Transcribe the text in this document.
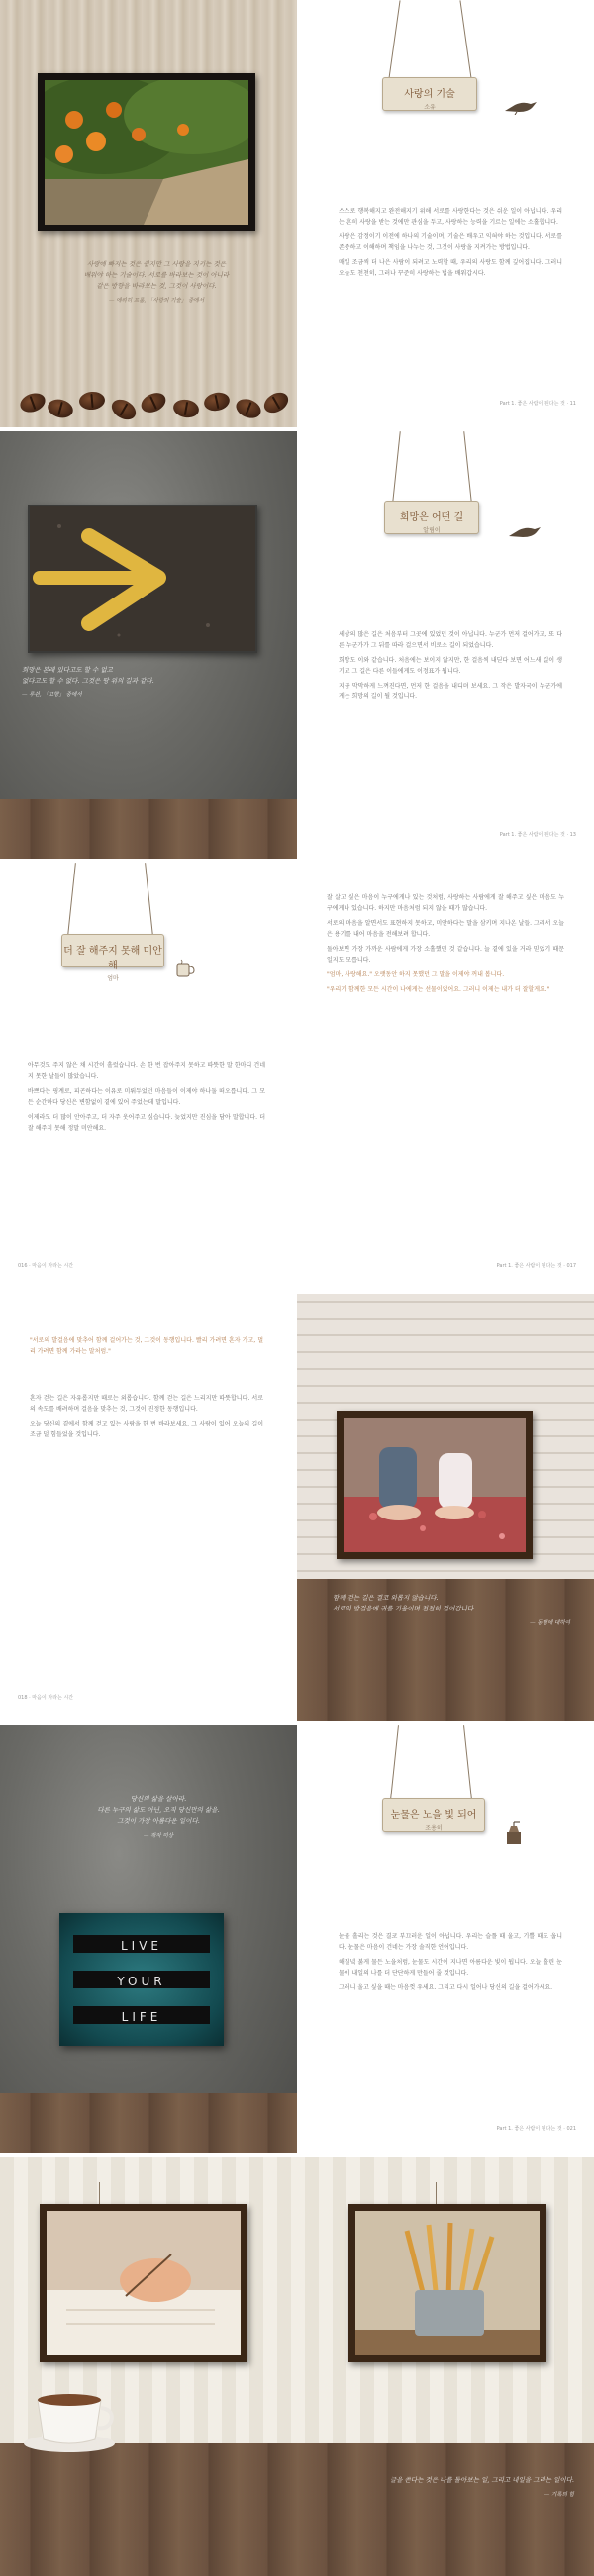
사랑에 빠지는 것은 쉽지만 그 사랑을 지키는 것은
배워야 하는 기술이다. 서로를 바라보는 것이 아니라
같은 방향을 바라보는 것, 그것이 사랑이다.
— 에리히 프롬, 「사랑의 기술」 중에서
사랑의 기술
소유

스스로 행복해지고 완전해지기 위해 서로를 사랑한다는 것은 쉬운 일이 아닙니다. 우리는 흔히 사랑을 받는 것에만 관심을 두고, 사랑하는 능력을 기르는 일에는 소홀합니다.

사랑은 감정이기 이전에 하나의 기술이며, 기술은 배우고 익혀야 하는 것입니다. 서로를 존중하고 이해하며 책임을 나누는 것, 그것이 사랑을 지켜가는 방법입니다.

매일 조금씩 더 나은 사람이 되려고 노력할 때, 우리의 사랑도 함께 깊어집니다. 그러니 오늘도 천천히, 그러나 꾸준히 사랑하는 법을 배워갑시다.

Part 1. 좋은 사람이 된다는 것 · 11
희망은 본래 있다고도 할 수 없고
없다고도 할 수 없다. 그것은 땅 위의 길과 같다.
— 루쉰, 「고향」 중에서
희망은 어떤 길
알림이

세상의 많은 길은 처음부터 그곳에 있었던 것이 아닙니다. 누군가 먼저 걸어가고, 또 다른 누군가가 그 뒤를 따라 걸으면서 비로소 길이 되었습니다.

희망도 이와 같습니다. 처음에는 보이지 않지만, 한 걸음씩 내딛다 보면 어느새 길이 생기고 그 길은 다른 이들에게도 이정표가 됩니다.

지금 막막하게 느껴진다면, 먼저 한 걸음을 내디뎌 보세요. 그 작은 발자국이 누군가에게는 희망의 길이 될 것입니다.

Part 1. 좋은 사람이 된다는 것 · 13
더 잘 해주지 못해 미안해
엄마

아무것도 주지 않은 채 시간이 흘렀습니다. 손 한 번 잡아주지 못하고 따뜻한 말 한마디 건네지 못한 날들이 많았습니다.

바쁘다는 핑계로, 피곤하다는 이유로 미뤄두었던 마음들이 이제야 하나둘 떠오릅니다. 그 모든 순간마다 당신은 변함없이 곁에 있어 주었는데 말입니다.

이제라도 더 많이 안아주고, 더 자주 웃어주고 싶습니다. 늦었지만 진심을 담아 말합니다. 더 잘 해주지 못해 정말 미안해요.

016 · 마음이 자라는 시간

잘 살고 싶은 마음이 누구에게나 있는 것처럼, 사랑하는 사람에게 잘 해주고 싶은 마음도 누구에게나 있습니다. 하지만 마음처럼 되지 않을 때가 많습니다.

서로의 마음을 알면서도 표현하지 못하고, 미안하다는 말을 삼키며 지나온 날들. 그래서 오늘은 용기를 내어 마음을 전해보려 합니다.

돌아보면 가장 가까운 사람에게 가장 소홀했던 것 같습니다. 늘 곁에 있을 거라 믿었기 때문일지도 모릅니다.

"엄마, 사랑해요." 오랫동안 하지 못했던 그 말을 이제야 꺼내 봅니다.

"우리가 함께한 모든 시간이 나에게는 선물이었어요. 그러니 이제는 내가 더 잘할게요."

Part 1. 좋은 사람이 된다는 것 · 017

"서로의 발걸음에 맞추어 함께 걸어가는 것, 그것이 동행입니다. 빨리 가려면 혼자 가고, 멀리 가려면 함께 가라는 말처럼."

혼자 걷는 길은 자유롭지만 때로는 외롭습니다. 함께 걷는 길은 느리지만 따뜻합니다. 서로의 속도를 배려하며 걸음을 맞추는 것, 그것이 진정한 동행입니다.

오늘 당신의 곁에서 함께 걷고 있는 사람을 한 번 바라보세요. 그 사람이 있어 오늘의 길이 조금 덜 힘들었을 것입니다.

018 · 마음이 자라는 시간
함께 걷는 길은 결코 외롭지 않습니다.
서로의 발걸음에 귀를 기울이며 천천히 걸어갑니다.
— 동행에 대하여
당신의 삶을 살아라.
다른 누구의 삶도 아닌, 오직 당신만의 삶을.
그것이 가장 아름다운 일이다.
— 작자 미상
LIVE
YOUR
LIFE
눈물은 노을 빛 되어
조용히

눈물 흘리는 것은 결코 부끄러운 일이 아닙니다. 우리는 슬플 때 울고, 기쁠 때도 웁니다. 눈물은 마음이 건네는 가장 솔직한 언어입니다.

해질녘 붉게 물든 노을처럼, 눈물도 시간이 지나면 아름다운 빛이 됩니다. 오늘 흘린 눈물이 내일의 나를 더 단단하게 만들어 줄 것입니다.

그러니 울고 싶을 때는 마음껏 우세요. 그리고 다시 일어나 당신의 길을 걸어가세요.

Part 1. 좋은 사람이 된다는 것 · 021
글을 쓴다는 것은 나를 돌아보는 일, 그리고 내일을 그리는 일이다.
— 기록의 힘
